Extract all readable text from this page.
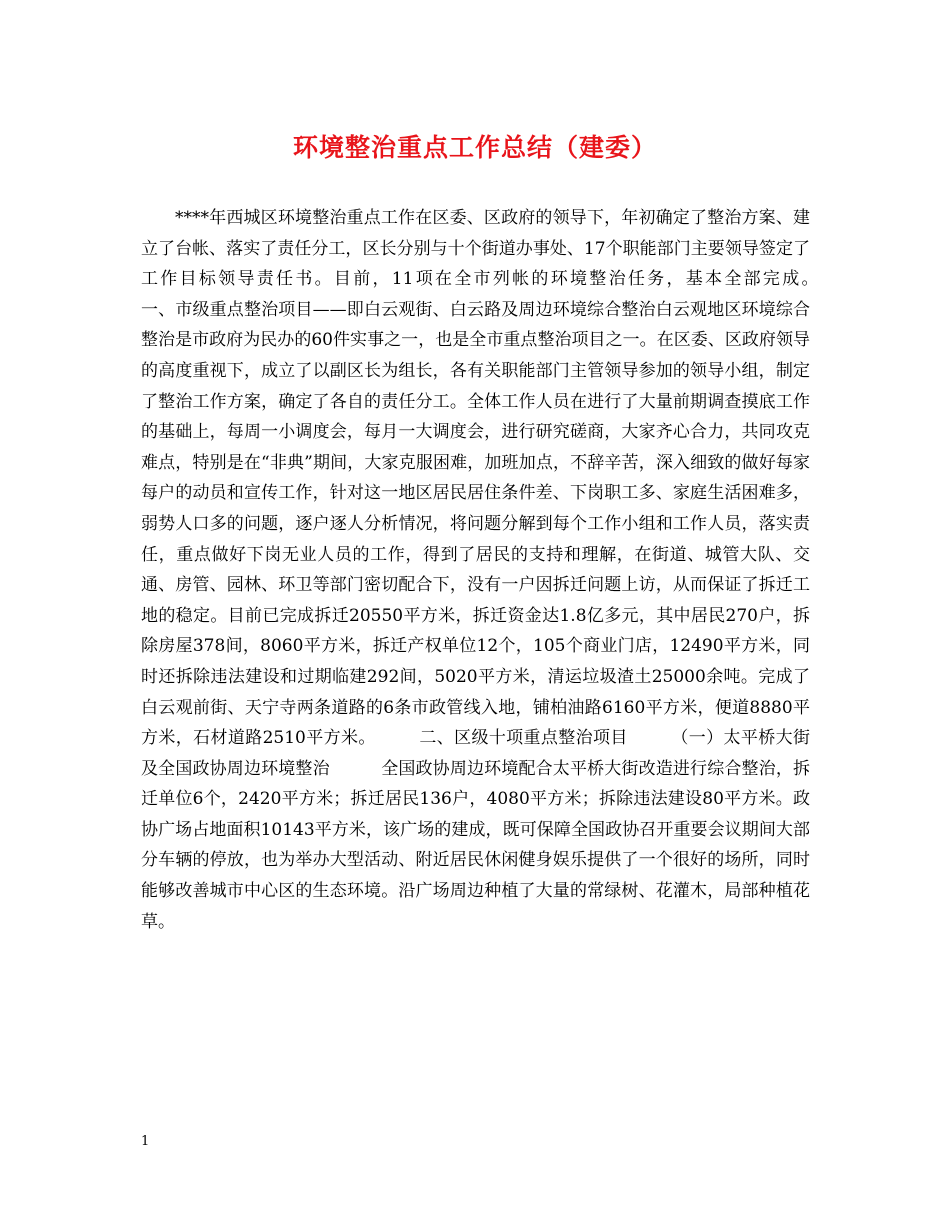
环境整治重点工作总结（建委）

****年西城区环境整治重点工作在区委、区政府的领导下，年初确定了整治方案、建立了台帐、落实了责任分工，区长分别与十个街道办事处、17个职能部门主要领导签定了工作目标领导责任书。目前，11项在全市列帐的环境整治任务，基本全部完成。　　　一、市级重点整治项目——即白云观街、白云路及周边环境综合整治白云观地区环境综合整治是市政府为民办的60件实事之一，也是全市重点整治项目之一。在区委、区政府领导的高度重视下，成立了以副区长为组长，各有关职能部门主管领导参加的领导小组，制定了整治工作方案，确定了各自的责任分工。全体工作人员在进行了大量前期调查摸底工作的基础上，每周一小调度会，每月一大调度会，进行研究磋商，大家齐心合力，共同攻克难点，特别是在“非典”期间，大家克服困难，加班加点，不辞辛苦，深入细致的做好每家每户的动员和宣传工作，针对这一地区居民居住条件差、下岗职工多、家庭生活困难多，弱势人口多的问题，逐户逐人分析情况，将问题分解到每个工作小组和工作人员，落实责任，重点做好下岗无业人员的工作，得到了居民的支持和理解，在街道、城管大队、交通、房管、园林、环卫等部门密切配合下，没有一户因拆迁问题上访，从而保证了拆迁工地的稳定。目前已完成拆迁20550平方米，拆迁资金达1.8亿多元，其中居民270户，拆除房屋378间，8060平方米，拆迁产权单位12个，105个商业门店，12490平方米，同时还拆除违法建设和过期临建292间，5020平方米，清运垃圾渣土25000余吨。完成了白云观前街、天宁寺两条道路的6条市政管线入地，铺柏油路6160平方米，便道8880平方米，石材道路2510平方米。　　　二、区级十项重点整治项目　　　（一）太平桥大街及全国政协周边环境整治　　　全国政协周边环境配合太平桥大街改造进行综合整治，拆迁单位6个，2420平方米；拆迁居民136户，4080平方米；拆除违法建设80平方米。政协广场占地面积10143平方米，该广场的建成，既可保障全国政协召开重要会议期间大部分车辆的停放，也为举办大型活动、附近居民休闲健身娱乐提供了一个很好的场所，同时能够改善城市中心区的生态环境。沿广场周边种植了大量的常绿树、花灌木，局部种植花草。

1
